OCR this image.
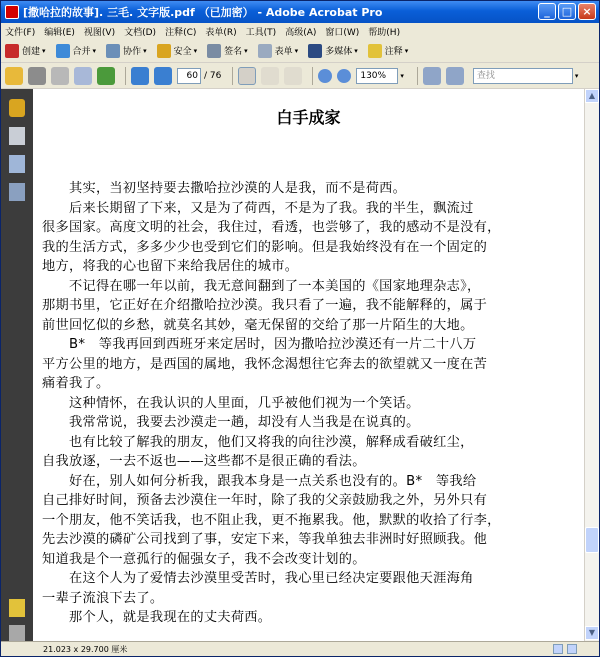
[撒哈拉的故事]. 三毛. 文字版.pdf （已加密） - Adobe Acrobat Pro	_	□ ×
文件(F) 编辑(E) 视图(V) 文档(D) 注释(C) 表单(R) 工具(T) 高级(A) 窗口(W) 帮助(H)
创建 ▾	合并 ▾	协作 ▾	安全 ▾	签名 ▾	表单 ▾	多媒体 ▾	注释 ▾
60 / 76	130%	▾	查找	▾
白手成家
　　其实，当初坚持要去撒哈拉沙漠的人是我，而不是荷西。
　　后来长期留了下来，又是为了荷西，不是为了我。我的半生，飘流过
很多国家。高度文明的社会，我住过，看透，也尝够了，我的感动不是没有，
我的生活方式，多多少少也受到它们的影响。但是我始终没有在一个固定的
地方，将我的心也留下来给我居住的城市。
　　不记得在哪一年以前，我无意间翻到了一本美国的《国家地理杂志》，
那期书里，它正好在介绍撒哈拉沙漠。我只看了一遍，我不能解释的，属于
前世回忆似的乡愁，就莫名其妙，毫无保留的交给了那一片陌生的大地。
　　B*　等我再回到西班牙来定居时，因为撒哈拉沙漠还有一片二十八万
平方公里的地方，是西国的属地，我怀念渴想往它奔去的欲望就又一度在苦
痛着我了。
　　这种情怀，在我认识的人里面，几乎被他们视为一个笑话。
　　我常常说，我要去沙漠走一趟，却没有人当我是在说真的。
　　也有比较了解我的朋友，他们又将我的向往沙漠，解释成看破红尘，
自我放逐，一去不返也——这些都不是很正确的看法。
　　好在，别人如何分析我，跟我本身是一点关系也没有的。B*　等我给
自己排好时间，预备去沙漠住一年时，除了我的父亲鼓励我之外，另外只有
一个朋友，他不笑话我，也不阻止我，更不拖累我。他，默默的收拾了行李，
先去沙漠的磷矿公司找到了事，安定下来，等我单独去非洲时好照顾我。他
知道我是个一意孤行的倔强女子，我不会改变计划的。
　　在这个人为了爱情去沙漠里受苦时，我心里已经决定要跟他天涯海角
一辈子流浪下去了。
　　那个人，就是我现在的丈夫荷西。
▲
▼
21.023 x 29.700 厘米
